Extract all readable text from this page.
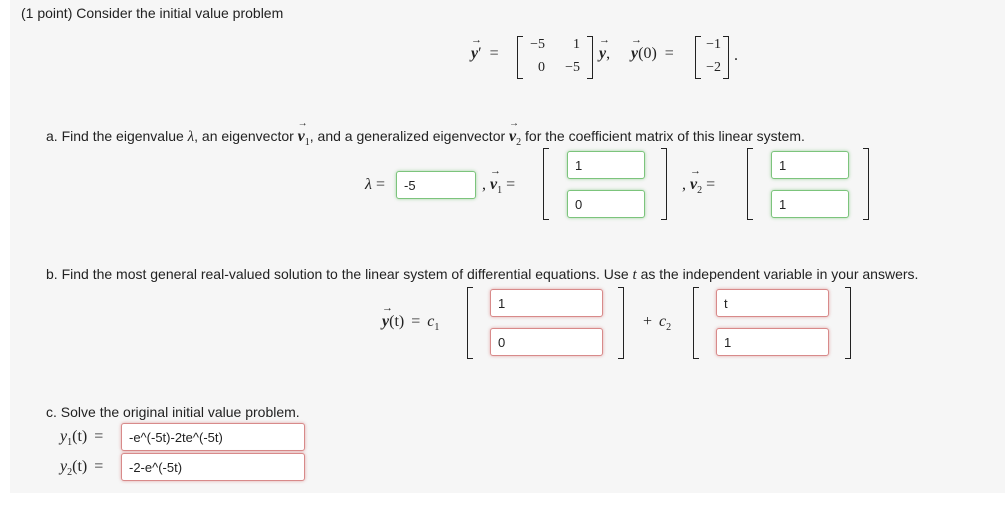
(1 point) Consider the initial value problem
→ y′ =
−5	1
0	−5
→ y, → y(0) =
−1
−2
.
a. Find the eigenvalue λ, an eigenvector → $v_1$, and a generalized eigenvector → $v_2$ for the coefficient matrix of this linear system.
λ =
-5	, → $v_1$ =
1
0	, → $v_2$ =
1
1
b. Find the most general real-valued solution to the linear system of differential equations. Use t as the independent variable in your answers.
→ $y(t) = c_1$
1
0	+ $c_2$
t
1
c. Solve the original initial value problem.
$y_1(t)$ =
-e^(-5t)-2te^(-5t)
$y_2(t)$ =
-2-e^(-5t)
